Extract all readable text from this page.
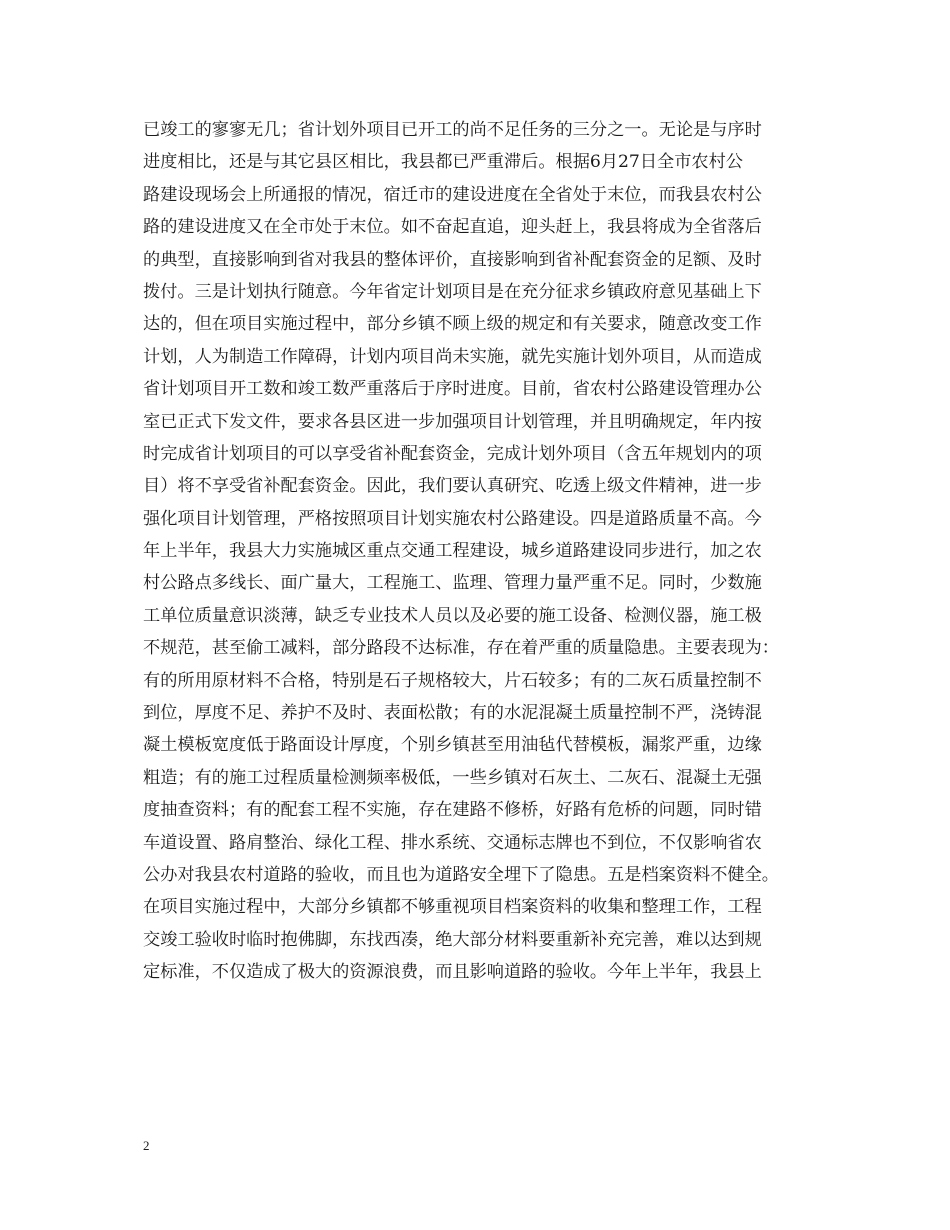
已竣工的寥寥无几；省计划外项目已开工的尚不足任务的三分之一。无论是与序时
进度相比，还是与其它县区相比，我县都已严重滞后。根据6月27日全市农村公
路建设现场会上所通报的情况，宿迁市的建设进度在全省处于末位，而我县农村公
路的建设进度又在全市处于末位。如不奋起直追，迎头赶上，我县将成为全省落后
的典型，直接影响到省对我县的整体评价，直接影响到省补配套资金的足额、及时
拨付。三是计划执行随意。今年省定计划项目是在充分征求乡镇政府意见基础上下
达的，但在项目实施过程中，部分乡镇不顾上级的规定和有关要求，随意改变工作
计划，人为制造工作障碍，计划内项目尚未实施，就先实施计划外项目，从而造成
省计划项目开工数和竣工数严重落后于序时进度。目前，省农村公路建设管理办公
室已正式下发文件，要求各县区进一步加强项目计划管理，并且明确规定，年内按
时完成省计划项目的可以享受省补配套资金，完成计划外项目（含五年规划内的项
目）将不享受省补配套资金。因此，我们要认真研究、吃透上级文件精神，进一步
强化项目计划管理，严格按照项目计划实施农村公路建设。四是道路质量不高。今
年上半年，我县大力实施城区重点交通工程建设，城乡道路建设同步进行，加之农
村公路点多线长、面广量大，工程施工、监理、管理力量严重不足。同时，少数施
工单位质量意识淡薄，缺乏专业技术人员以及必要的施工设备、检测仪器，施工极
不规范，甚至偷工减料，部分路段不达标准，存在着严重的质量隐患。主要表现为：
有的所用原材料不合格，特别是石子规格较大，片石较多；有的二灰石质量控制不
到位，厚度不足、养护不及时、表面松散；有的水泥混凝土质量控制不严，浇铸混
凝土模板宽度低于路面设计厚度，个别乡镇甚至用油毡代替模板，漏浆严重，边缘
粗造；有的施工过程质量检测频率极低，一些乡镇对石灰土、二灰石、混凝土无强
度抽查资料；有的配套工程不实施，存在建路不修桥，好路有危桥的问题，同时错
车道设置、路肩整治、绿化工程、排水系统、交通标志牌也不到位，不仅影响省农
公办对我县农村道路的验收，而且也为道路安全埋下了隐患。五是档案资料不健全。
在项目实施过程中，大部分乡镇都不够重视项目档案资料的收集和整理工作，工程
交竣工验收时临时抱佛脚，东找西凑，绝大部分材料要重新补充完善，难以达到规
定标准，不仅造成了极大的资源浪费，而且影响道路的验收。今年上半年，我县上
2
